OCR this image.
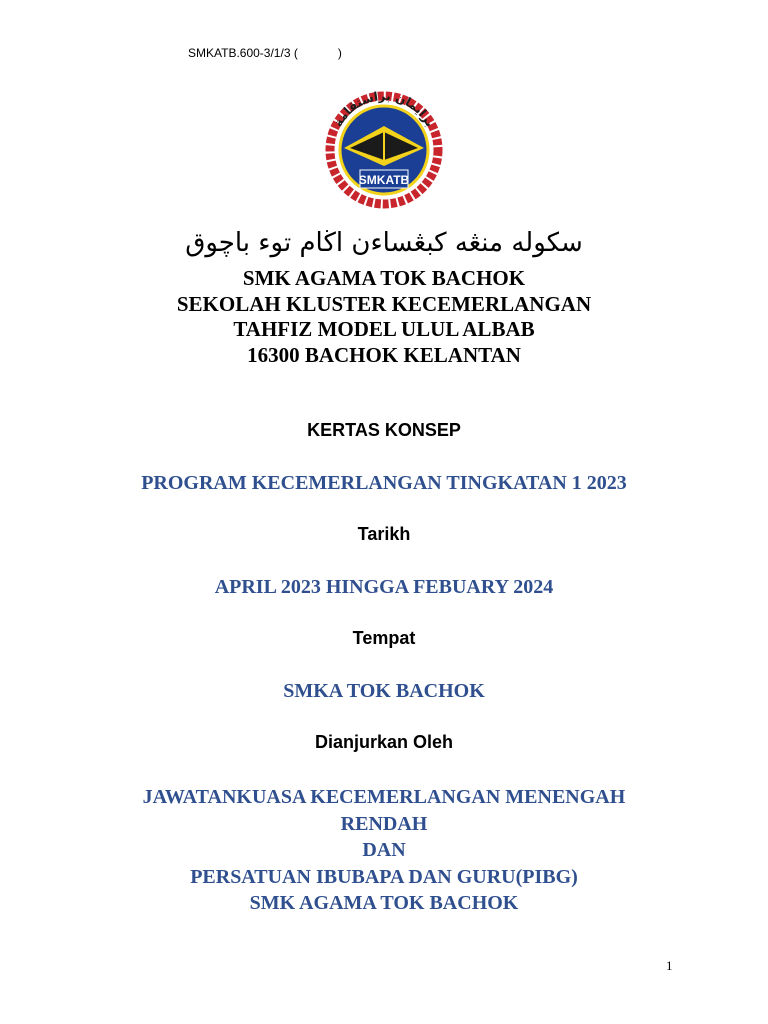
SMKATB.600-3/1/3 (            )
SMKATB
برايمان براستقامة
سكوله منڠه كبڠساءن اڬام توء باچوق
SMK AGAMA TOK BACHOK
SEKOLAH KLUSTER KECEMERLANGAN
TAHFIZ MODEL ULUL ALBAB
16300 BACHOK KELANTAN
KERTAS KONSEP
PROGRAM KECEMERLANGAN TINGKATAN 1 2023
Tarikh
APRIL 2023 HINGGA FEBUARY 2024
Tempat
SMKA TOK BACHOK
Dianjurkan Oleh
JAWATANKUASA KECEMERLANGAN MENENGAH
RENDAH
DAN
PERSATUAN IBUBAPA DAN GURU(PIBG)
SMK AGAMA TOK BACHOK
1
